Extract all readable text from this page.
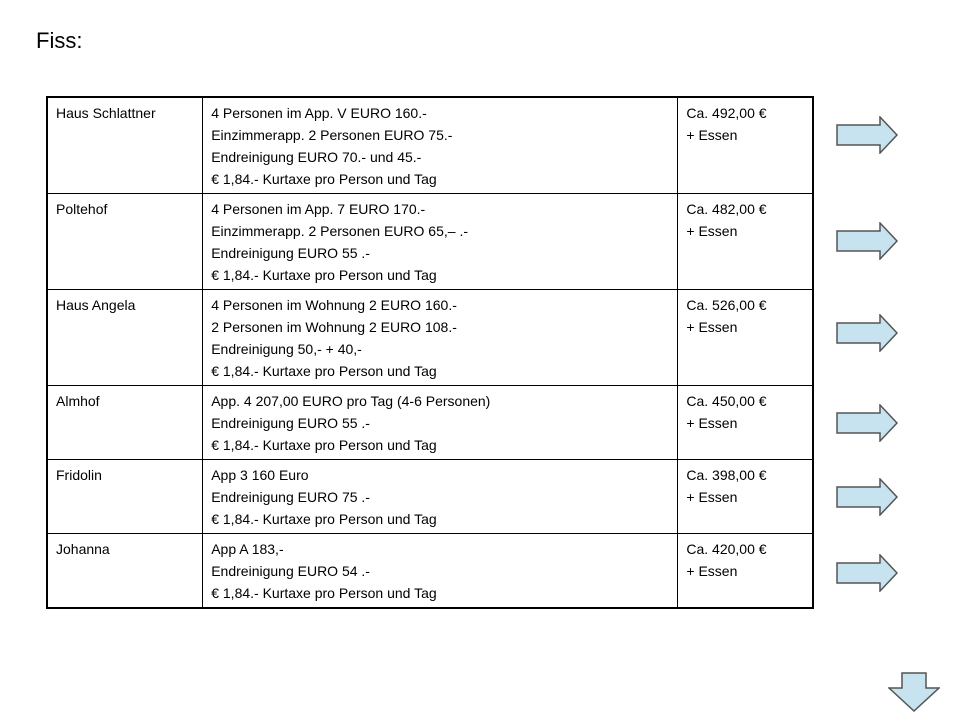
Fiss:
Haus Schlattner	4 Personen im App. V EURO 160.-
Einzimmerapp. 2 Personen EURO 75.-
Endreinigung EURO 70.- und 45.-
€ 1,84.- Kurtaxe pro Person und Tag	Ca. 492,00 €
+ Essen

Poltehof	4 Personen im App. 7 EURO 170.-
Einzimmerapp. 2 Personen EURO 65,– .-
Endreinigung EURO 55 .-
€ 1,84.- Kurtaxe pro Person und Tag	Ca. 482,00 €
+ Essen

Haus Angela	4 Personen im Wohnung 2 EURO 160.-
2 Personen im Wohnung 2 EURO 108.-
Endreinigung 50,- + 40,-
€ 1,84.- Kurtaxe pro Person und Tag	Ca. 526,00 €
+ Essen

Almhof	App. 4 207,00 EURO pro Tag (4-6 Personen)
Endreinigung EURO 55 .-
€ 1,84.- Kurtaxe pro Person und Tag	Ca. 450,00 €
+ Essen

Fridolin	App 3 160 Euro
Endreinigung EURO 75 .-
€ 1,84.- Kurtaxe pro Person und Tag	Ca. 398,00 €
+ Essen

Johanna	App A 183,-
Endreinigung EURO 54 .-
€ 1,84.- Kurtaxe pro Person und Tag	Ca. 420,00 €
+ Essen
